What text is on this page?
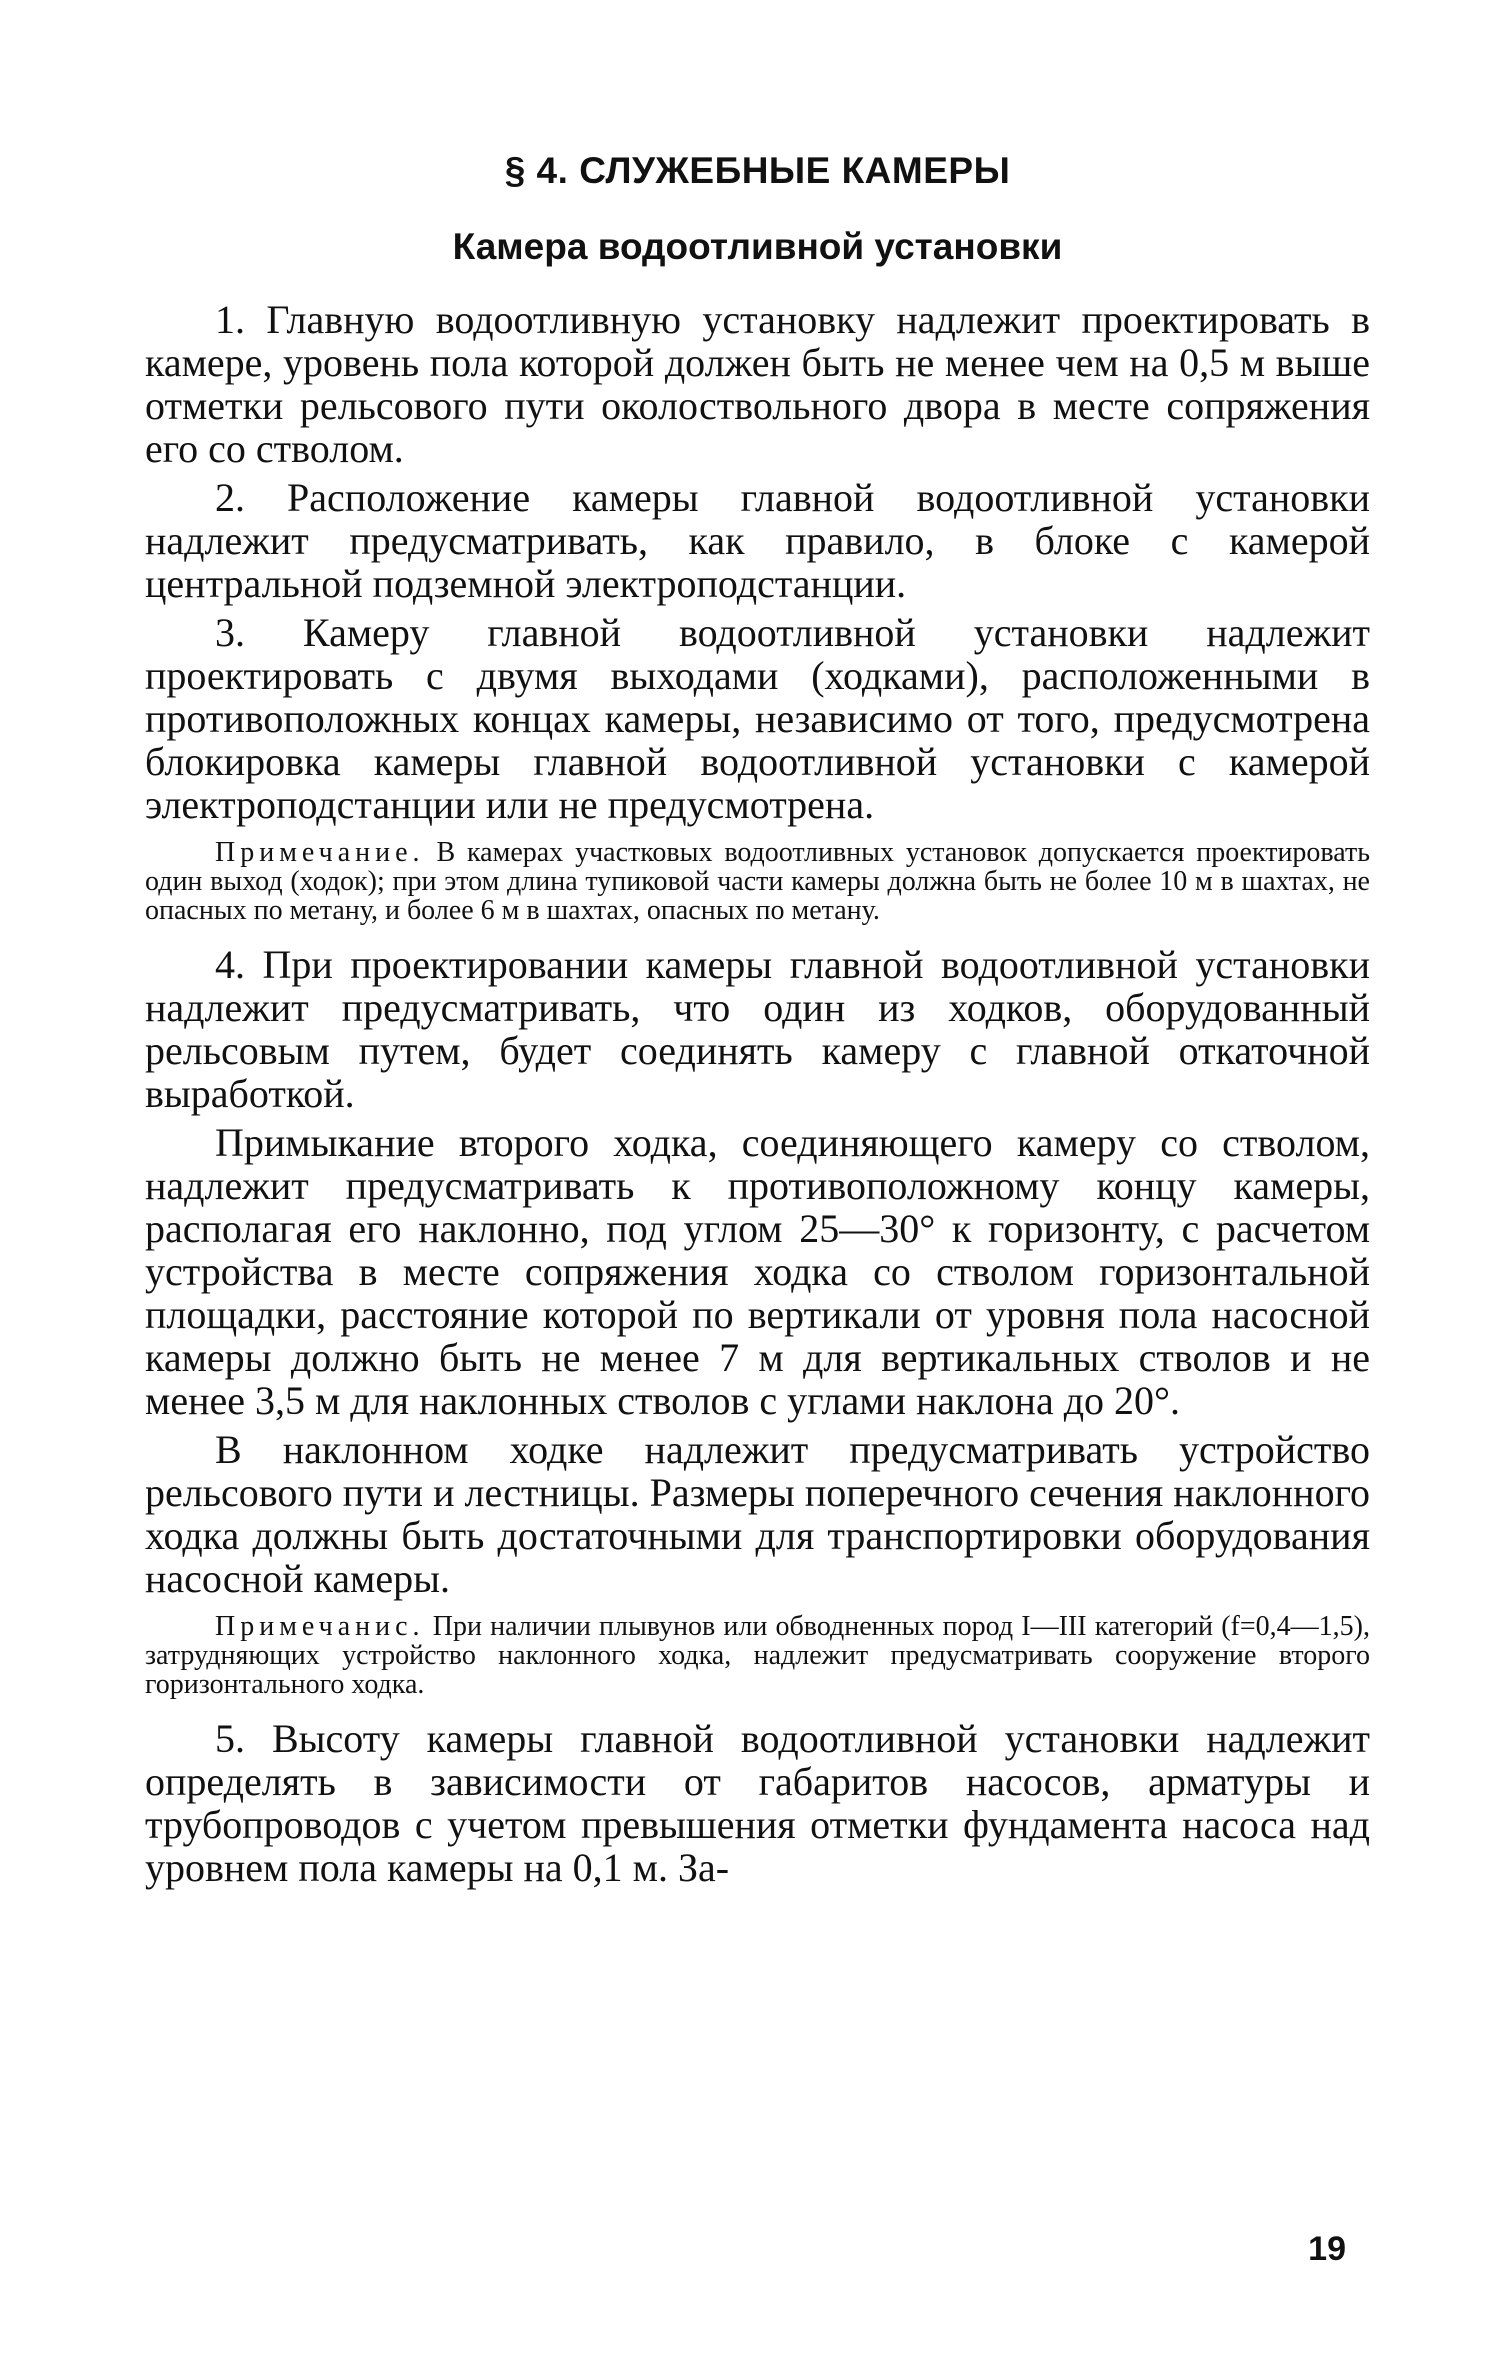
§ 4. СЛУЖЕБНЫЕ КАМЕРЫ
Камера водоотливной установки

1. Главную водоотливную установку надлежит проектировать в камере, уровень пола которой должен быть не менее чем на 0,5 м выше отметки рельсового пути околоствольного двора в месте сопряжения его со стволом.

2. Расположение камеры главной водоотливной установки надлежит предусматривать, как правило, в блоке с камерой центральной подземной электроподстанции.

3. Камеру главной водоотливной установки надлежит проектировать с двумя выходами (ходками), расположенными в противоположных концах камеры, независимо от того, предусмотрена блокировка камеры главной водоотливной установки с камерой электроподстанции или не предусмотрена.

Примечание. В камерах участковых водоотливных установок допускается проектировать один выход (ходок); при этом длина тупиковой части камеры должна быть не более 10 м в шахтах, не опасных по метану, и более 6 м в шахтах, опасных по метану.

4. При проектировании камеры главной водоотливной установки надлежит предусматривать, что один из ходков, оборудованный рельсовым путем, будет соединять камеру с главной откаточной выработкой.

Примыкание второго ходка, соединяющего камеру со стволом, надлежит предусматривать к противоположному концу камеры, располагая его наклонно, под углом 25—30° к горизонту, с расчетом устройства в месте сопряжения ходка со стволом горизонтальной площадки, расстояние которой по вертикали от уровня пола насосной камеры должно быть не менее 7 м для вертикальных стволов и не менее 3,5 м для наклонных стволов с углами наклона до 20°.

В наклонном ходке надлежит предусматривать устройство рельсового пути и лестницы. Размеры поперечного сечения наклонного ходка должны быть достаточными для транспортировки оборудования насосной камеры.

Примечанис. При наличии плывунов или обводненных пород I—III категорий (f=0,4—1,5), затрудняющих устройство наклонного ходка, надлежит предусматривать сооружение второго горизонтального ходка.

5. Высоту камеры главной водоотливной установки надлежит определять в зависимости от габаритов насосов, арматуры и трубопроводов с учетом превышения отметки фундамента насоса над уровнем пола камеры на 0,1 м. За-

19
